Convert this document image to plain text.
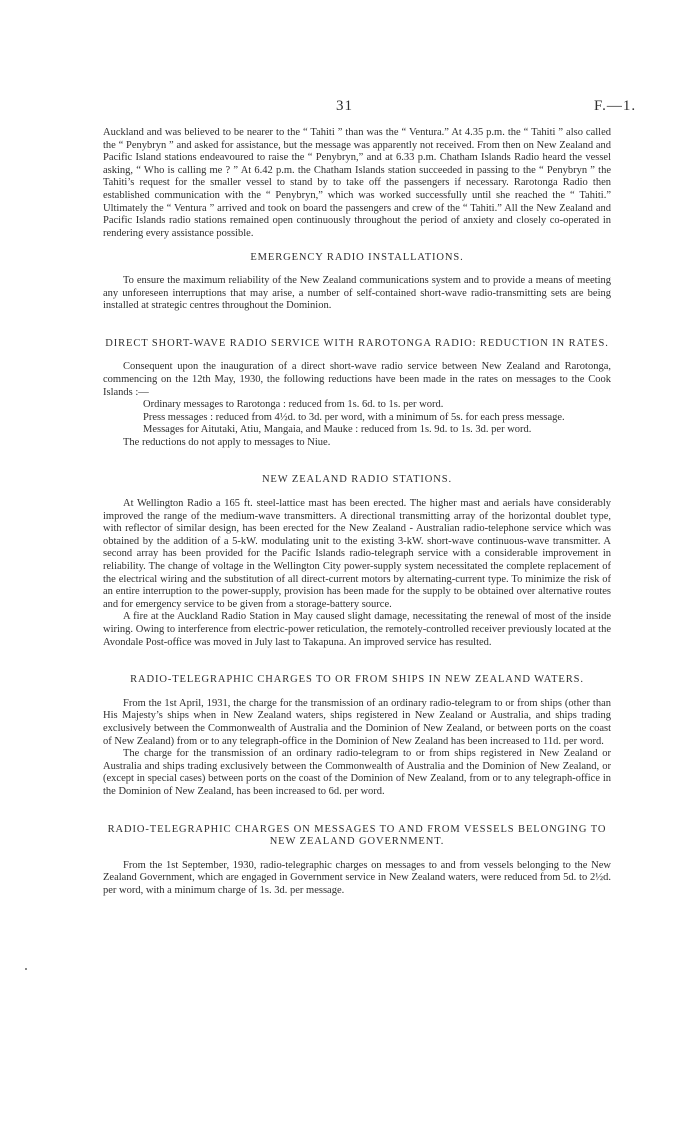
31	F.—1.

Auckland and was believed to be nearer to the “ Tahiti ” than was the “ Ventura.” At 4.35 p.m. the “ Tahiti ” also called the “ Penybryn ” and asked for assistance, but the message was apparently not received. From then on New Zealand and Pacific Island stations endeavoured to raise the “ Penybryn,” and at 6.33 p.m. Chatham Islands Radio heard the vessel asking, “ Who is calling me ? ” At 6.42 p.m. the Chatham Islands station succeeded in passing to the “ Penybryn ” the Tahiti’s request for the smaller vessel to stand by to take off the passengers if necessary. Rarotonga Radio then established communication with the “ Penybryn,” which was worked successfully until she reached the “ Tahiti.” Ultimately the “ Ventura ” arrived and took on board the passengers and crew of the “ Tahiti.” All the New Zealand and Pacific Islands radio stations remained open continuously throughout the period of anxiety and closely co-operated in rendering every assistance possible.

EMERGENCY RADIO INSTALLATIONS.

To ensure the maximum reliability of the New Zealand communications system and to provide a means of meeting any unforeseen interruptions that may arise, a number of self-contained short-wave radio-transmitting sets are being installed at strategic centres throughout the Dominion.

DIRECT SHORT-WAVE RADIO SERVICE WITH RAROTONGA RADIO: REDUCTION IN RATES.

Consequent upon the inauguration of a direct short-wave radio service between New Zealand and Rarotonga, commencing on the 12th May, 1930, the following reductions have been made in the rates on messages to the Cook Islands :—

Ordinary messages to Rarotonga : reduced from 1s. 6d. to 1s. per word.
Press messages : reduced from 4½d. to 3d. per word, with a minimum of 5s. for each press message.
Messages for Aitutaki, Atiu, Mangaia, and Mauke : reduced from 1s. 9d. to 1s. 3d. per word.
The reductions do not apply to messages to Niue.
NEW ZEALAND RADIO STATIONS.

At Wellington Radio a 165 ft. steel-lattice mast has been erected. The higher mast and aerials have considerably improved the range of the medium-wave transmitters. A directional transmitting array of the horizontal doublet type, with reflector of similar design, has been erected for the New Zealand - Australian radio-telephone service which was obtained by the addition of a 5-kW. modulating unit to the existing 3-kW. short-wave continuous-wave transmitter. A second array has been provided for the Pacific Islands radio-telegraph service with a considerable improvement in reliability. The change of voltage in the Wellington City power-supply system necessitated the complete replacement of the electrical wiring and the substitution of all direct-current motors by alternating-current type. To minimize the risk of an entire interruption to the power-supply, provision has been made for the supply to be obtained over alternative routes and for emergency service to be given from a storage-battery source.

A fire at the Auckland Radio Station in May caused slight damage, necessitating the renewal of most of the inside wiring. Owing to interference from electric-power reticulation, the remotely-controlled receiver previously located at the Avondale Post-office was moved in July last to Takapuna. An improved service has resulted.

RADIO-TELEGRAPHIC CHARGES TO OR FROM SHIPS IN NEW ZEALAND WATERS.

From the 1st April, 1931, the charge for the transmission of an ordinary radio-telegram to or from ships (other than His Majesty’s ships when in New Zealand waters, ships registered in New Zealand or Australia, and ships trading exclusively between the Commonwealth of Australia and the Dominion of New Zealand, or between ports on the coast of New Zealand) from or to any telegraph-office in the Dominion of New Zealand has been increased to 11d. per word.

The charge for the transmission of an ordinary radio-telegram to or from ships registered in New Zealand or Australia and ships trading exclusively between the Commonwealth of Australia and the Dominion of New Zealand, or (except in special cases) between ports on the coast of the Dominion of New Zealand, from or to any telegraph-office in the Dominion of New Zealand, has been increased to 6d. per word.

RADIO-TELEGRAPHIC CHARGES ON MESSAGES TO AND FROM VESSELS BELONGING TO NEW ZEALAND GOVERNMENT.

From the 1st September, 1930, radio-telegraphic charges on messages to and from vessels belonging to the New Zealand Government, which are engaged in Government service in New Zealand waters, were reduced from 5d. to 2½d. per word, with a minimum charge of 1s. 3d. per message.
